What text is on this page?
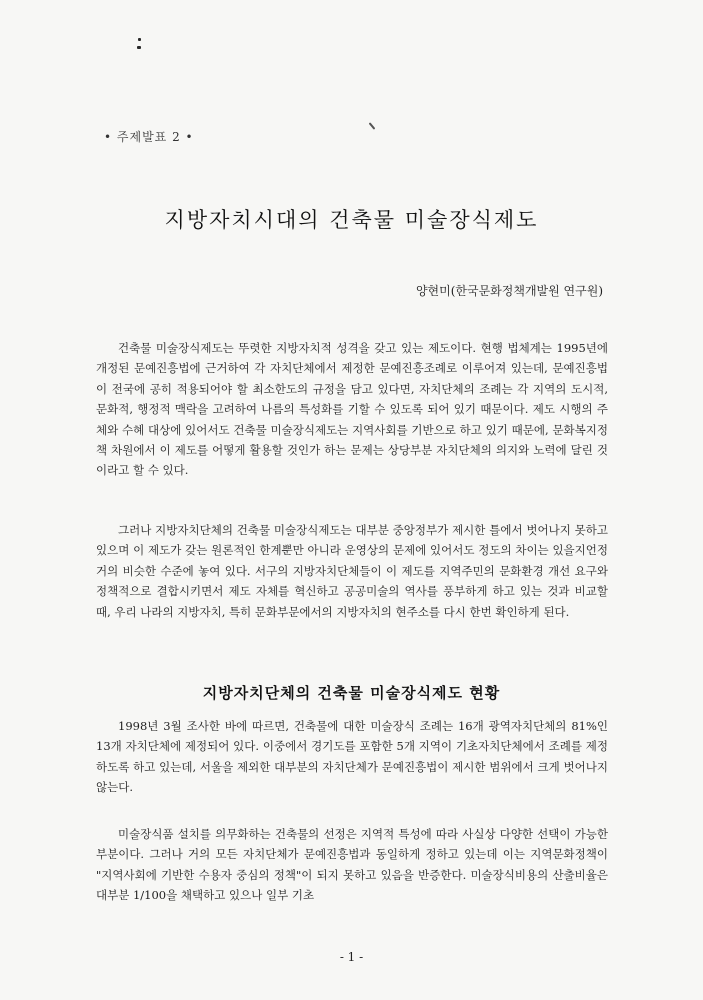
• 주제발표 2 •
지방자치시대의 건축물 미술장식제도
양현미(한국문화정책개발원 연구원)

건축물 미술장식제도는 뚜렷한 지방자치적 성격을 갖고 있는 제도이다. 현행 법체계는 1995년에 개정된 문예진흥법에 근거하여 각 자치단체에서 제정한 문예진흥조례로 이루어져 있는데, 문예진흥법이 전국에 공히 적용되어야 할 최소한도의 규정을 담고 있다면, 자치단체의 조례는 각 지역의 도시적, 문화적, 행정적 맥락을 고려하여 나름의 특성화를 기할 수 있도록 되어 있기 때문이다. 제도 시행의 주체와 수혜 대상에 있어서도 건축물 미술장식제도는 지역사회를 기반으로 하고 있기 때문에, 문화복지정책 차원에서 이 제도를 어떻게 활용할 것인가 하는 문제는 상당부분 자치단체의 의지와 노력에 달린 것이라고 할 수 있다.

그러나 지방자치단체의 건축물 미술장식제도는 대부분 중앙정부가 제시한 틀에서 벗어나지 못하고 있으며 이 제도가 갖는 원론적인 한계뿐만 아니라 운영상의 문제에 있어서도 정도의 차이는 있을지언정 거의 비슷한 수준에 놓여 있다. 서구의 지방자치단체들이 이 제도를 지역주민의 문화환경 개선 요구와 정책적으로 결합시키면서 제도 자체를 혁신하고 공공미술의 역사를 풍부하게 하고 있는 것과 비교할 때, 우리 나라의 지방자치, 특히 문화부문에서의 지방자치의 현주소를 다시 한번 확인하게 된다.

지방자치단체의 건축물 미술장식제도 현황

1998년 3월 조사한 바에 따르면, 건축물에 대한 미술장식 조례는 16개 광역자치단체의 81%인 13개 자치단체에 제정되어 있다. 이중에서 경기도를 포함한 5개 지역이 기초자치단체에서 조례를 제정하도록 하고 있는데, 서울을 제외한 대부분의 자치단체가 문예진흥법이 제시한 범위에서 크게 벗어나지 않는다.

미술장식품 설치를 의무화하는 건축물의 선정은 지역적 특성에 따라 사실상 다양한 선택이 가능한 부분이다. 그러나 거의 모든 자치단체가 문예진흥법과 동일하게 정하고 있는데 이는 지역문화정책이 "지역사회에 기반한 수용자 중심의 정책"이 되지 못하고 있음을 반증한다. 미술장식비용의 산출비율은 대부분 1/100을 채택하고 있으나 일부 기초

- 1 -
